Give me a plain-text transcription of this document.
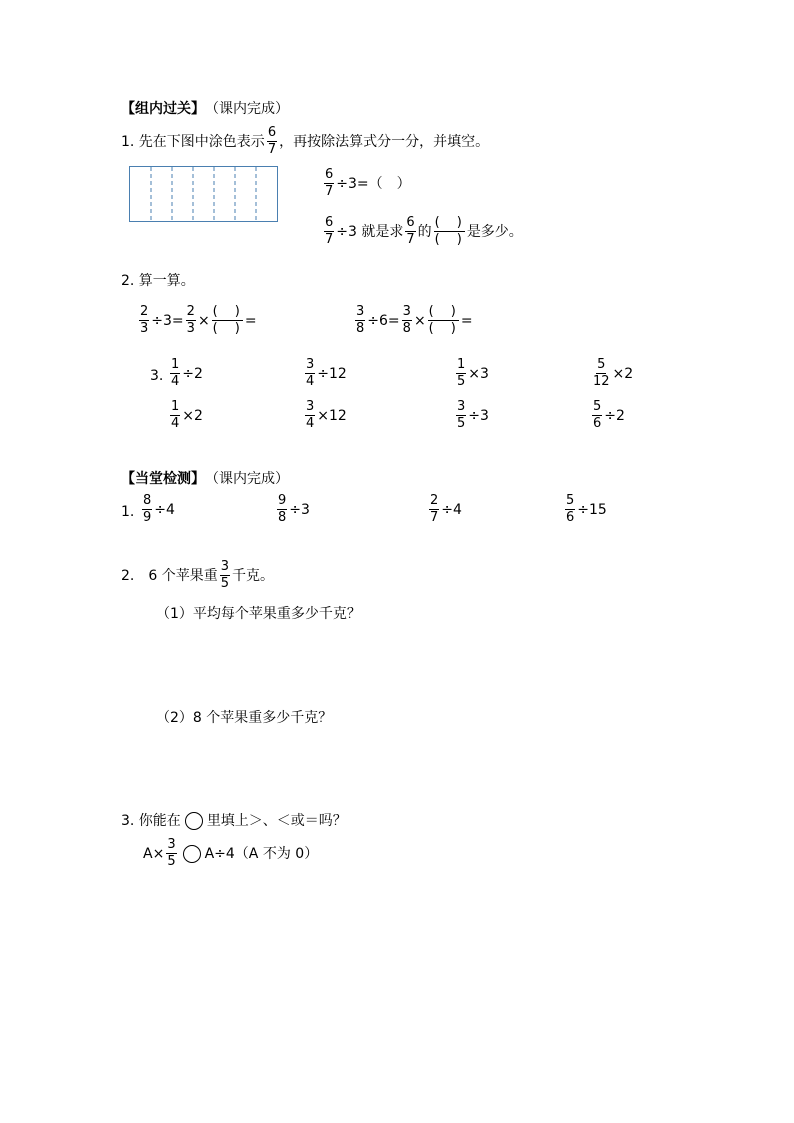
【组内过关】 （课内完成）
1. 先在下图中涂色表示 $\frac{6}{7}$ ，再按除法算式分一分，并填空。
$\frac{6}{7} \div 3=$（　）
$\frac{6}{7} \div 3$ 就是求 $\frac{6}{7}$ 的 $\frac{( )}{( )}$ 是多少。
2. 算一算。
$\frac{2}{3} \div 3= \frac{2}{3} \times \frac{( )}{( )}$ =	$\frac{3}{8} \div 6= \frac{3}{8} \times \frac{( )}{( )}$ =
3. $\frac{1}{4} \div 2$	$\frac{3}{4} \div 12$	$\frac{1}{5} \times 3$	$\frac{5}{12} \times 2$
$\frac{1}{4} \times 2$	$\frac{3}{4} \times 12$	$\frac{3}{5} \div 3$	$\frac{5}{6} \div 2$
【当堂检测】 （课内完成）
1. $\frac{8}{9} \div 4$	$\frac{9}{8} \div 3$	$\frac{2}{7} \div 4$	$\frac{5}{6} \div 15$
2.　6 个苹果重 $\frac{3}{5}$ 千克。
（1）平均每个苹果重多少千克？
（2）8 个苹果重多少千克？
3. 你能在 里填上＞、＜或＝吗？
$A\times \frac{3}{5} A\div 4(A$ 不为 0）
